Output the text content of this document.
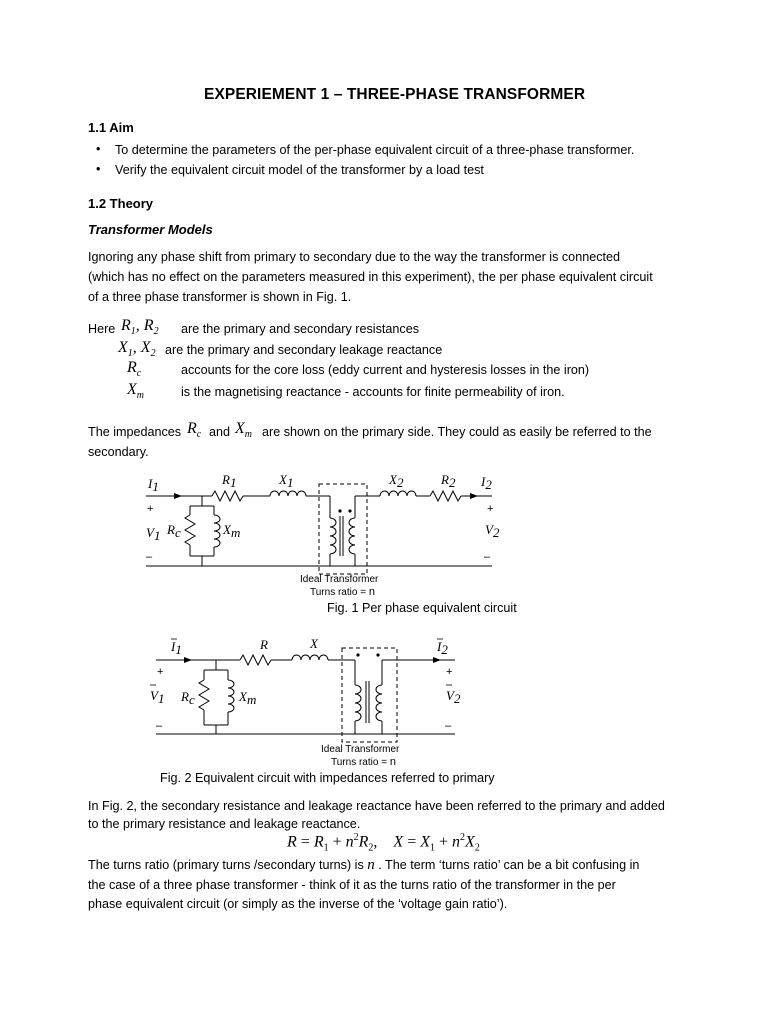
EXPERIEMENT 1 – THREE-PHASE TRANSFORMER
1.1 Aim
• To determine the parameters of the per-phase equivalent circuit of a three-phase transformer.
• Verify the equivalent circuit model of the transformer by a load test
1.2 Theory
Transformer Models
Ignoring any phase shift from primary to secondary due to the way the transformer is connected
(which has no effect on the parameters measured in this experiment), the per phase equivalent circuit
of a three phase transformer is shown in Fig. 1.
Here $R_1$, $R_2$ are the primary and secondary resistances
$X_1$, $X_2$ are the primary and secondary leakage reactance
$R_c$	accounts for the core loss (eddy current and hysteresis losses in the iron)
$X_m$	is the magnetising reactance - accounts for finite permeability of iron.
The impedances $R_c$ and $X_m$ are shown on the primary side. They could as easily be referred to the
secondary.
I1	R1	X1	X2	R2 I2
+	+
V1	V2
–	–
Rc	Xm
Ideal Transformer
Turns ratio = n
Fig. 1 Per phase equivalent circuit
I1	R	X	I2
+	+
V1	V2
–	–
Rc	Xm
Ideal Transformer
Turns ratio = n
Fig. 2 Equivalent circuit with impedances referred to primary
In Fig. 2, the secondary resistance and leakage reactance have been referred to the primary and added
to the primary resistance and leakage reactance.
$R = R_1 + n^2R_2$, $X = X_1 + n^2X_2$
The turns ratio (primary turns /secondary turns) is n . The term ‘turns ratio’ can be a bit confusing in
the case of a three phase transformer - think of it as the turns ratio of the transformer in the per
phase equivalent circuit (or simply as the inverse of the ‘voltage gain ratio’).
